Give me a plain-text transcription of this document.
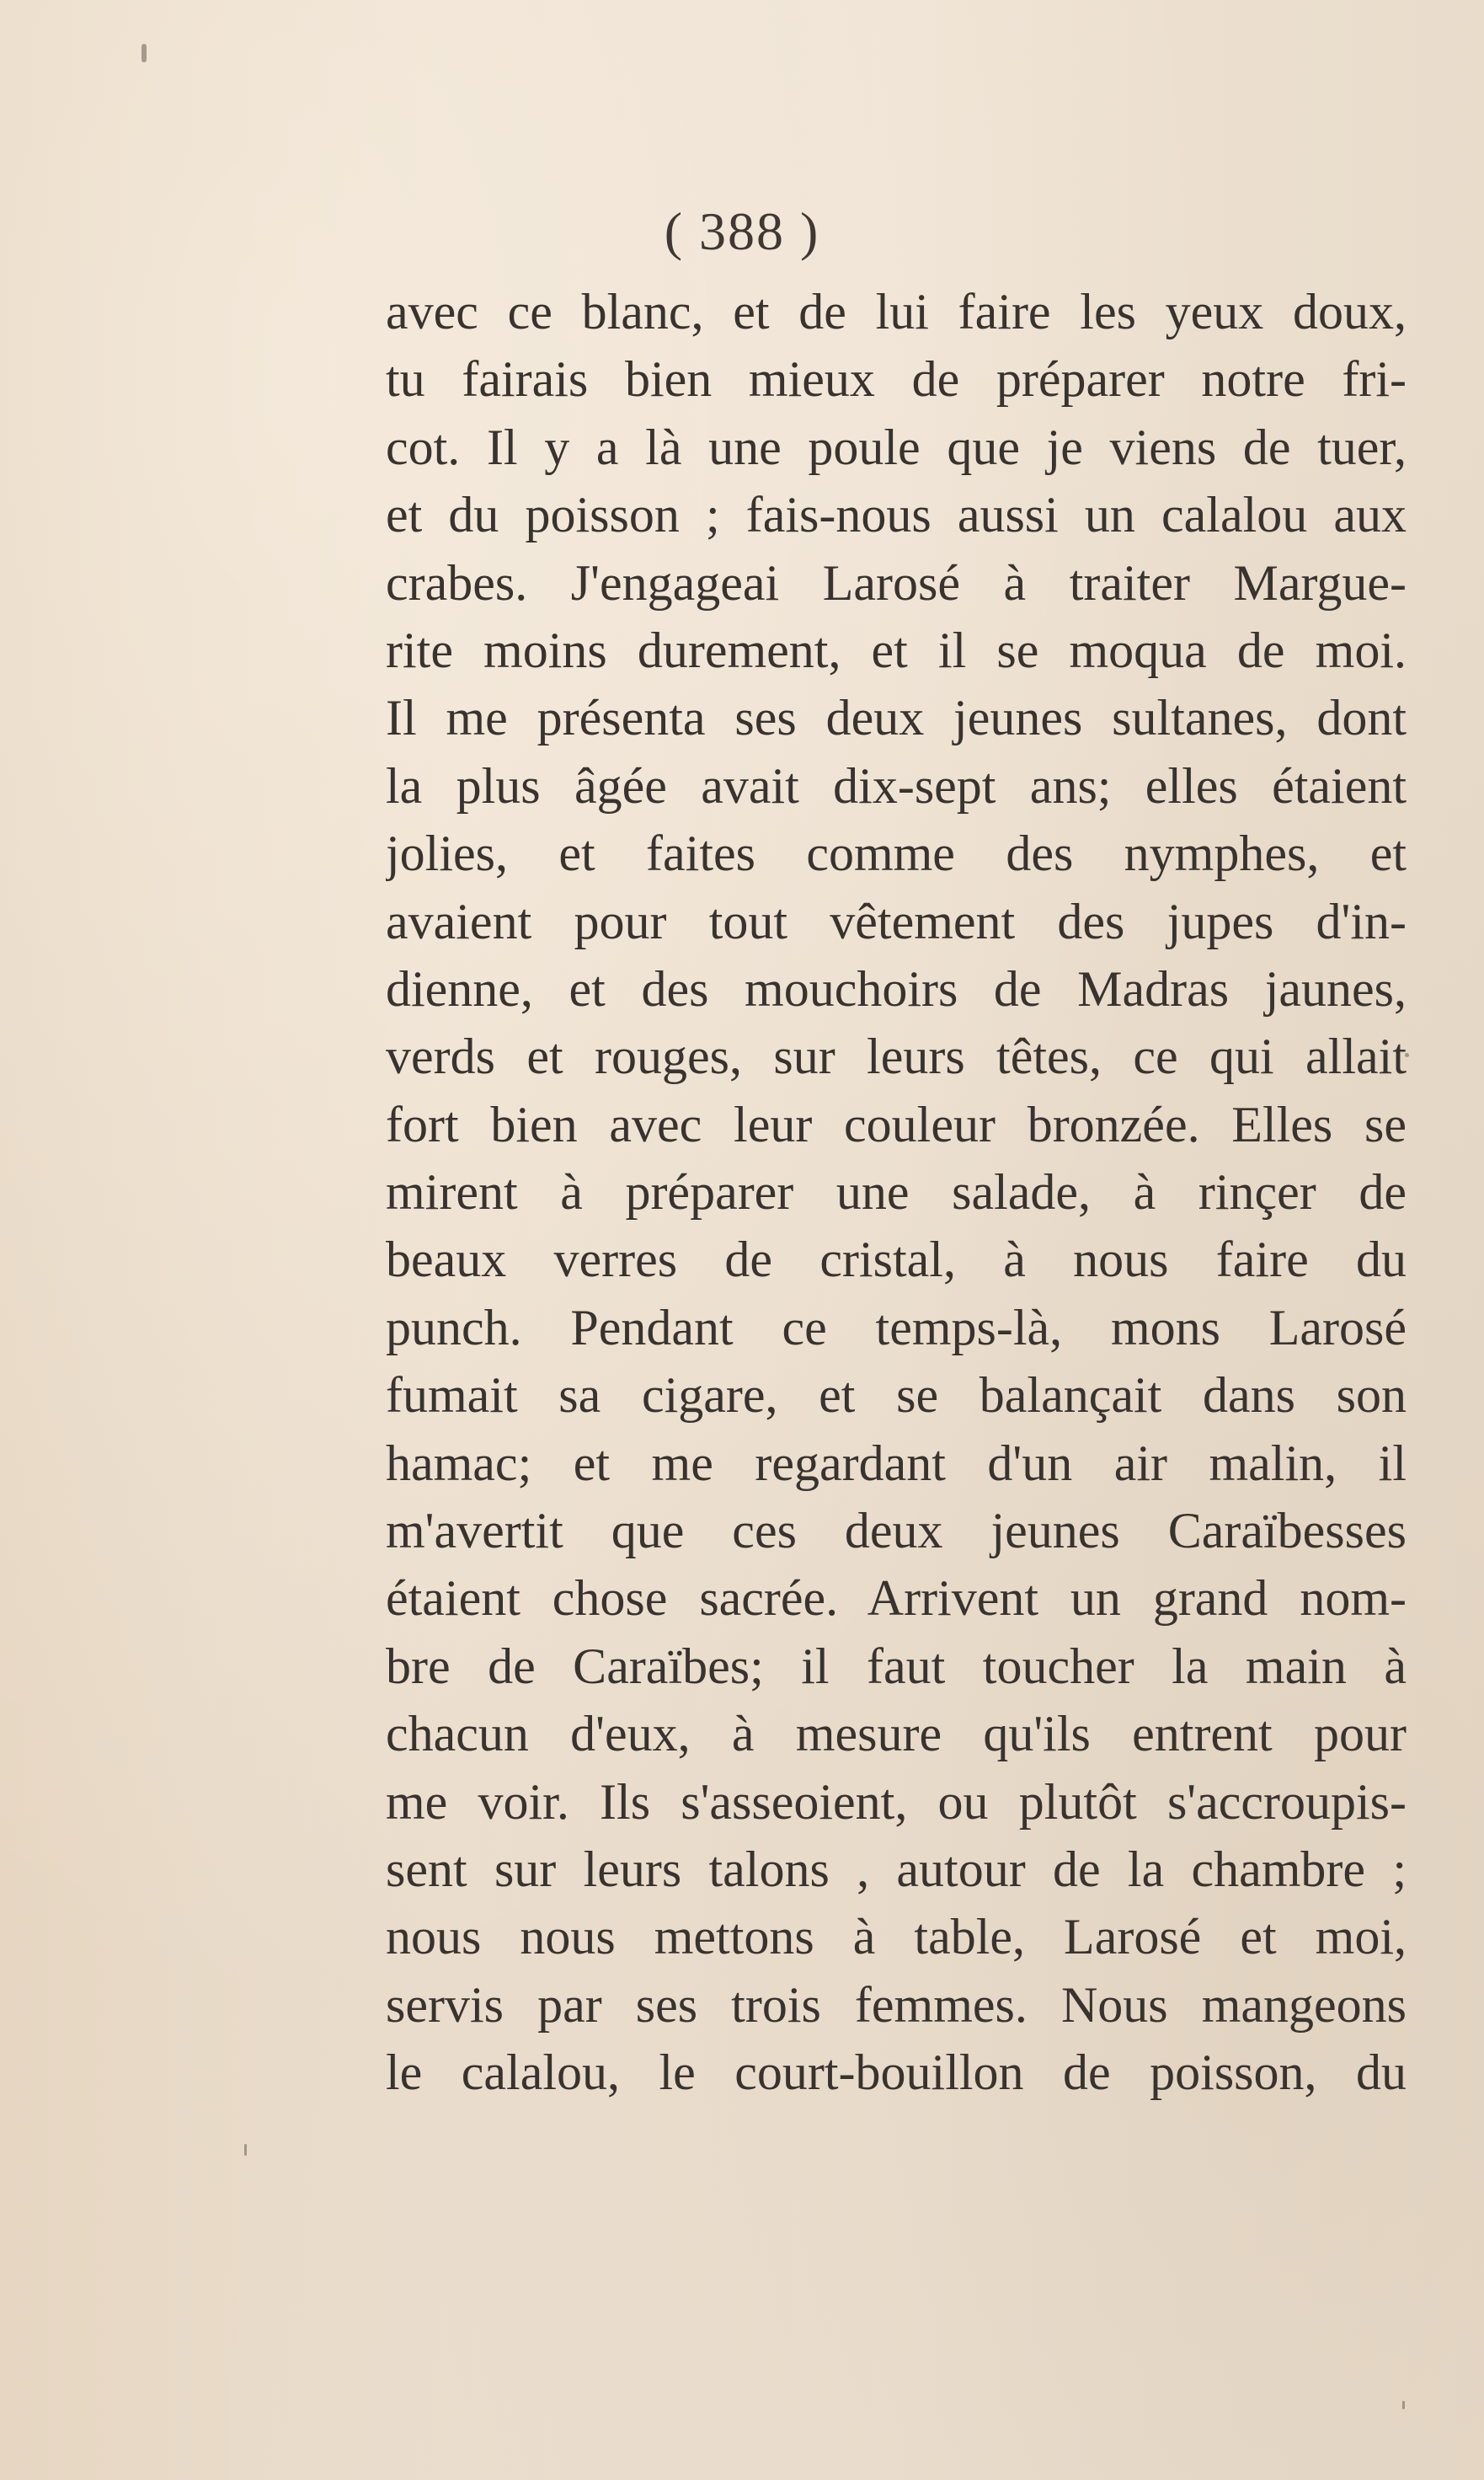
( 388 )
avec ce blanc, et de lui faire les yeux doux,
tu fairais bien mieux de préparer notre fri-
cot. Il y a là une poule que je viens de tuer,
et du poisson ; fais-nous aussi un calalou aux
crabes. J'engageai Larosé à traiter Margue-
rite moins durement, et il se moqua de moi.
Il me présenta ses deux jeunes sultanes, dont
la plus âgée avait dix-sept ans; elles étaient
jolies, et faites comme des nymphes, et
avaient pour tout vêtement des jupes d'in-
dienne, et des mouchoirs de Madras jaunes,
verds et rouges, sur leurs têtes, ce qui allait
fort bien avec leur couleur bronzée. Elles se
mirent à préparer une salade, à rinçer de
beaux verres de cristal, à nous faire du
punch. Pendant ce temps-là, mons Larosé
fumait sa cigare, et se balançait dans son
hamac; et me regardant d'un air malin, il
m'avertit que ces deux jeunes Caraïbesses
étaient chose sacrée. Arrivent un grand nom-
bre de Caraïbes; il faut toucher la main à
chacun d'eux, à mesure qu'ils entrent pour
me voir. Ils s'asseoient, ou plutôt s'accroupis-
sent sur leurs talons , autour de la chambre ;
nous nous mettons à table, Larosé et moi,
servis par ses trois femmes. Nous mangeons
le calalou, le court-bouillon de poisson, du
